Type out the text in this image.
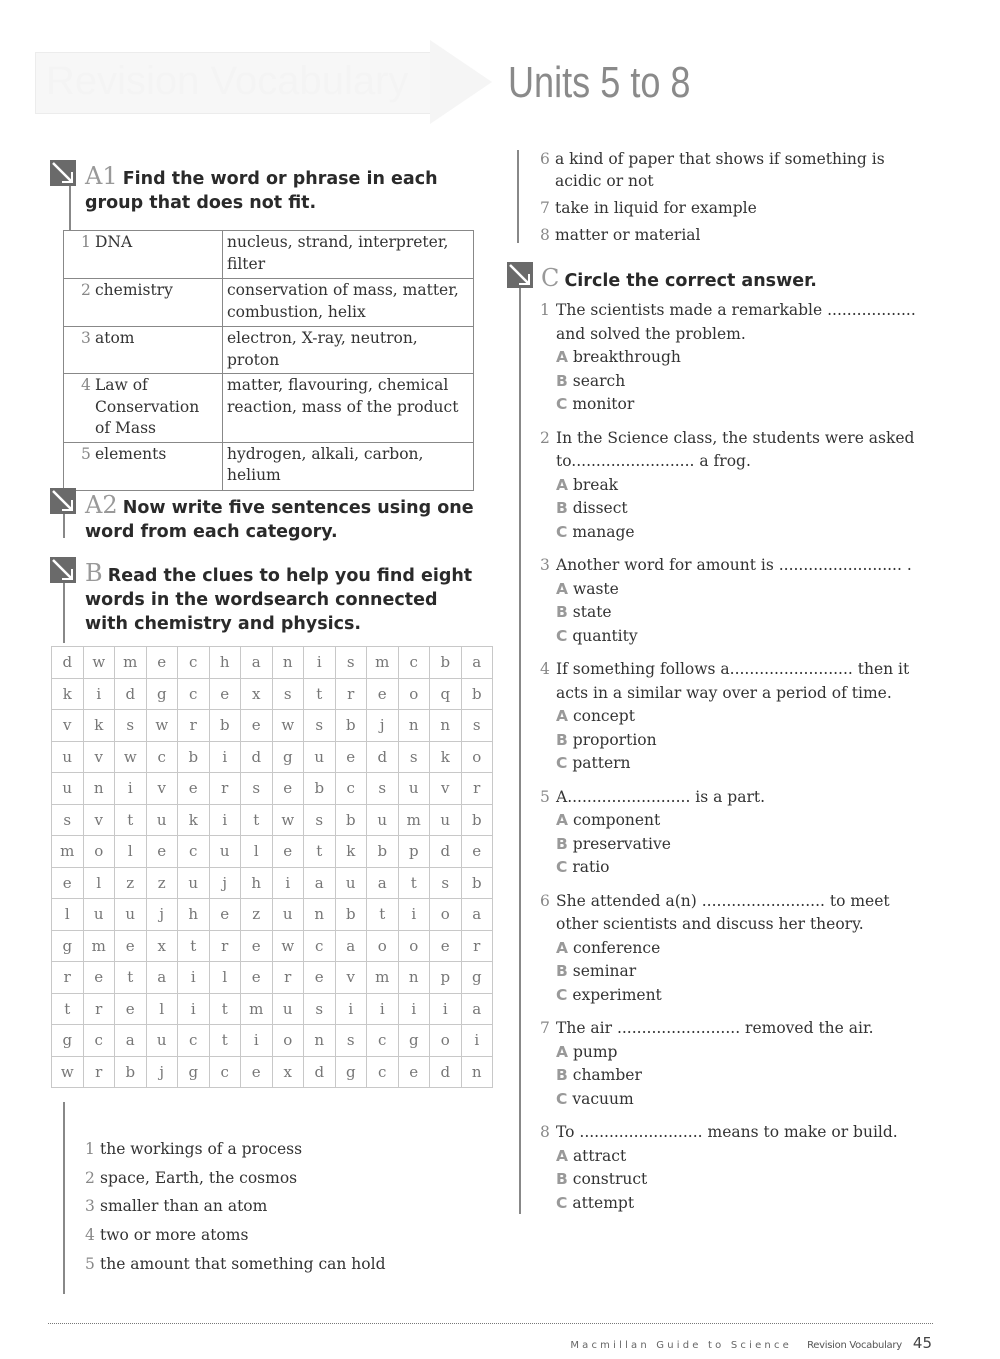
Revision Vocabulary	Units 5 to 8
A1 Find the word or phrase in each group that does not fit.
1 DNA	nucleus, strand, interpreter, filter

2 chemistry	conservation of mass, matter, combustion, helix

3 atom	electron, X-ray, neutron, proton

4 Law of Conservation of Mass	matter, flavouring, chemical reaction, mass of the product

5 elements	hydrogen, alkali, carbon, helium
A2 Now write five sentences using one word from each category.
B Read the clues to help you find eight words in the wordsearch connected with chemistry and physics.
d	w	m	e	c	h	a	n	i	s	m	c	b	a
k	i	d	g	c	e	x	s	t	r	e	o	q	b
v	k	s	w	r	b	e	w	s	b	j	n	n	s
u	v	w	c	b	i	d	g	u	e	d	s	k	o
u	n	i	v	e	r	s	e	b	c	s	u	v	r
s	v	t	u	k	i	t	w	s	b	u	m	u	b
m	o	l	e	c	u	l	e	t	k	b	p	d	e
e	l	z	z	u	j	h	i	a	u	a	t	s	b
l	u	u	j	h	e	z	u	n	b	t	i	o	a
g	m	e	x	t	r	e	w	c	a	o	o	e	r
r	e	t	a	i	l	e	r	e	v	m	n	p	g
t	r	e	l	i	t	m	u	s	i	i	i	i	a
g	c	a	u	c	t	i	o	n	s	c	g	o	i
w	r	b	j	g	c	e	x	d	g	c	e	d	n
1 the workings of a process
2 space, Earth, the cosmos
3 smaller than an atom
4 two or more atoms
5 the amount that something can hold
6 a kind of paper that shows if something is acidic or not
7 take in liquid for example
8 matter or material
C Circle the correct answer.
1 The scientists made a remarkable .................. and solved the problem.
A breakthrough
B search
C monitor
2 In the Science class, the students were asked to......................... a frog.
A break
B dissect
C manage
3 Another word for amount is ......................... .
A waste
B state
C quantity
4 If something follows a......................... then it acts in a similar way over a period of time.
A concept
B proportion
C pattern
5 A......................... is a part.
A component
B preservative
C ratio
6 She attended a(n) ......................... to meet other scientists and discuss her theory.
A conference
B seminar
C experiment
7 The air ......................... removed the air.
A pump
B chamber
C vacuum
8 To ......................... means to make or build.
A attract
B construct
C attempt
Macmillan Guide to Science Revision Vocabulary 45
